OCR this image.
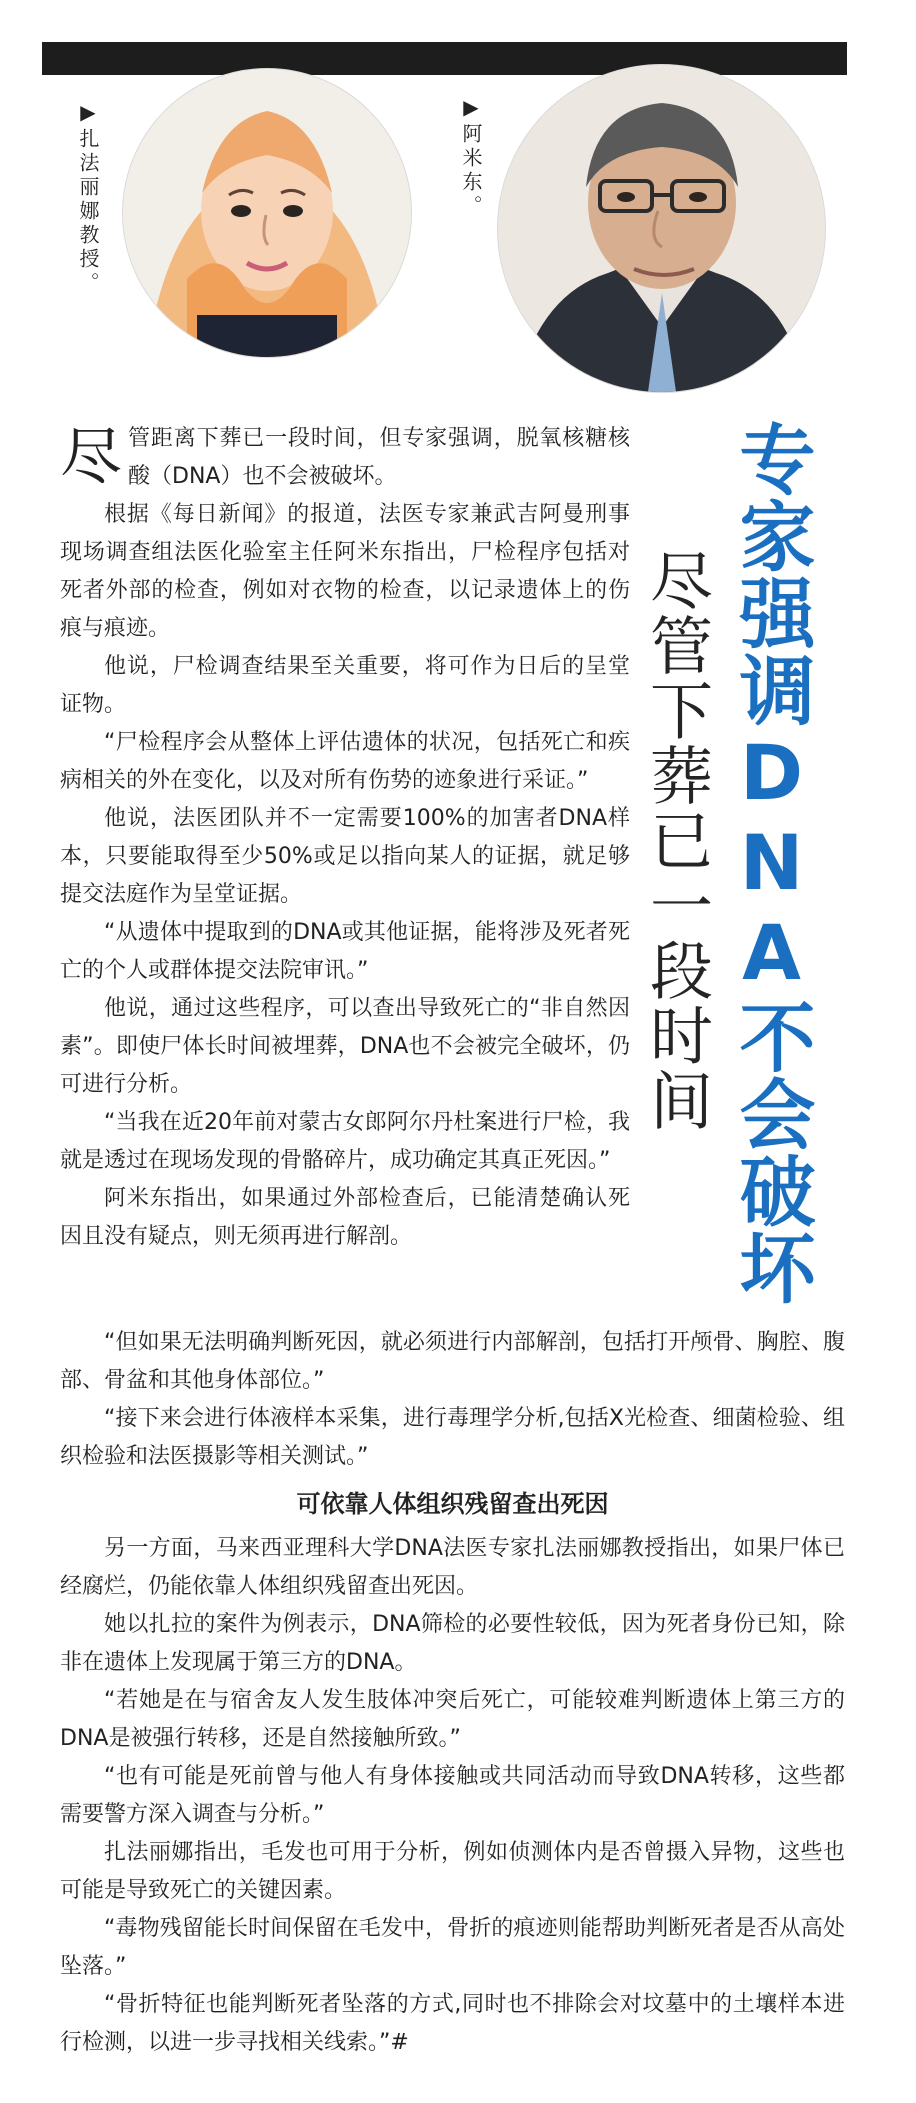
▶扎法丽娜教授。	▶阿米东。

尽 管距离下葬已一段时间，但专家强调，脱氧核糖核酸（DNA）也不会被破坏。

根据《每日新闻》的报道，法医专家兼武吉阿曼刑事现场调查组法医化验室主任阿米东指出，尸检程序包括对死者外部的检查，例如对衣物的检查，以记录遗体上的伤痕与痕迹。

他说，尸检调查结果至关重要，将可作为日后的呈堂证物。

“尸检程序会从整体上评估遗体的状况，包括死亡和疾病相关的外在变化，以及对所有伤势的迹象进行采证。”

他说，法医团队并不一定需要100%的加害者DNA样本，只要能取得至少50%或足以指向某人的证据，就足够提交法庭作为呈堂证据。

“从遗体中提取到的DNA或其他证据，能将涉及死者死亡的个人或群体提交法院审讯。”

他说，通过这些程序，可以查出导致死亡的“非自然因素”。即使尸体长时间被埋葬，DNA也不会被完全破坏，仍可进行分析。

“当我在近20年前对蒙古女郎阿尔丹杜案进行尸检，我就是透过在现场发现的骨骼碎片，成功确定其真正死因。”

阿米东指出，如果通过外部检查后，已能清楚确认死因且没有疑点，则无须再进行解剖。	专家强调DNA不会破坏
尽管下葬已一段时间

“但如果无法明确判断死因，就必须进行内部解剖，包括打开颅骨、胸腔、腹部、骨盆和其他身体部位。”

“接下来会进行体液样本采集，进行毒理学分析,包括X光检查、细菌检验、组织检验和法医摄影等相关测试。”

可依靠人体组织残留查出死因

另一方面，马来西亚理科大学DNA法医专家扎法丽娜教授指出，如果尸体已经腐烂，仍能依靠人体组织残留查出死因。

她以扎拉的案件为例表示，DNA筛检的必要性较低，因为死者身份已知，除非在遗体上发现属于第三方的DNA。

“若她是在与宿舍友人发生肢体冲突后死亡，可能较难判断遗体上第三方的DNA是被强行转移，还是自然接触所致。”

“也有可能是死前曾与他人有身体接触或共同活动而导致DNA转移，这些都需要警方深入调查与分析。”

扎法丽娜指出，毛发也可用于分析，例如侦测体内是否曾摄入异物，这些也可能是导致死亡的关键因素。

“毒物残留能长时间保留在毛发中，骨折的痕迹则能帮助判断死者是否从高处坠落。”

“骨折特征也能判断死者坠落的方式,同时也不排除会对坟墓中的土壤样本进行检测，以进一步寻找相关线索。”#
